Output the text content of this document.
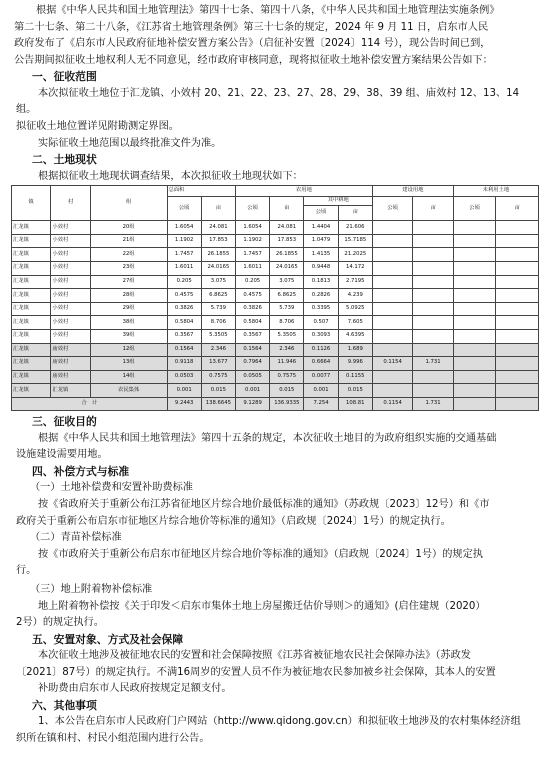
根据《中华人民共和国土地管理法》第四十七条、第四十八条，《中华人民共和国土地管理法实施条例》

第二十七条、第二十八条，《江苏省土地管理条例》第三十七条的规定，2024 年 9 月 11 日，启东市人民

政府发布了《启东市人民政府征地补偿安置方案公告》（启征补安置〔2024〕114 号），现公告时间已到，

公告期间拟征收土地权利人无不同意见，经市政府审核同意，现将拟征收土地补偿安置方案结果公告如下：

一、征收范围

本次拟征收土地位于汇龙镇、小效村 20、21、22、23、27、28、29、38、39 组、庙效村 12、13、14 组。

拟征收土地位置详见附勘测定界图。

实际征收土地范围以最终批准文件为准。

二、土地现状

根据拟征收土地现状调查结果，本次拟征收土地现状如下：

镇	村	组	总面积		农用地				建设用地		未利用土地	
			公顷	亩	公顷	亩	其中耕地		公顷	亩	公顷	亩
							公顷	亩				
汇龙镇	小效村	20组	1.6054	24.081	1.6054	24.081	1.4404	21.606				
汇龙镇	小效村	21组	1.1902	17.853	1.1902	17.853	1.0479	15.7185				
汇龙镇	小效村	22组	1.7457	26.1855	1.7457	26.1855	1.4135	21.2025				
汇龙镇	小效村	23组	1.6011	24.0165	1.6011	24.0165	0.9448	14.172				
汇龙镇	小效村	27组	0.205	3.075	0.205	3.075	0.1813	2.7195				
汇龙镇	小效村	28组	0.4575	6.8625	0.4575	6.8625	0.2826	4.239				
汇龙镇	小效村	29组	0.3826	5.739	0.3826	5.739	0.3395	5.0925				
汇龙镇	小效村	38组	0.5804	8.706	0.5804	8.706	0.507	7.605				
汇龙镇	小效村	39组	0.3567	5.3505	0.3567	5.3505	0.3093	4.6395				
汇龙镇	庙效村	12组	0.1564	2.346	0.1564	2.346	0.1126	1.689				
汇龙镇	庙效村	13组	0.9118	13.677	0.7964	11.946	0.6664	9.996	0.1154	1.731		
汇龙镇	庙效村	14组	0.0503	0.7575	0.0505	0.7575	0.0077	0.1155				
汇龙镇	汇龙镇	农民集体	0.001	0.015	0.001	0.015	0.001	0.015				
合　计			9.2443	138.6645	9.1289	136.9335	7.254	108.81	0.1154	1.731		

三、征收目的

根据《中华人民共和国土地管理法》第四十五条的规定，本次征收土地目的为政府组织实施的交通基础

设施建设需要用地。

四、补偿方式与标准

（一）土地补偿费和安置补助费标准

按《省政府关于重新公布江苏省征地区片综合地价最低标准的通知》（苏政规〔2023〕12号）和《市

政府关于重新公布启东市征地区片综合地价等标准的通知》（启政规〔2024〕1号）的规定执行。

（二）青苗补偿标准

按《市政府关于重新公布启东市征地区片综合地价等标准的通知》（启政规〔2024〕1号）的规定执

行。

（三）地上附着物补偿标准

地上附着物补偿按《关于印发＜启东市集体土地上房屋搬迁估价导则＞的通知》(启住建规（2020）

2号）的规定执行。

五、安置对象、方式及社会保障

本次征收土地涉及被征地农民的安置和社会保障按照《江苏省被征地农民社会保障办法》（苏政发

〔2021〕87号）的规定执行。不满16周岁的安置人员不作为被征地农民参加被乡社会保障，其本人的安置

补助费由启东市人民政府按规定足额支付。

六、其他事项

1、本公告在启东市人民政府门户网站（http://www.qidong.gov.cn）和拟征收土地涉及的农村集体经济组

织所在镇和村、村民小组范围内进行公告。
